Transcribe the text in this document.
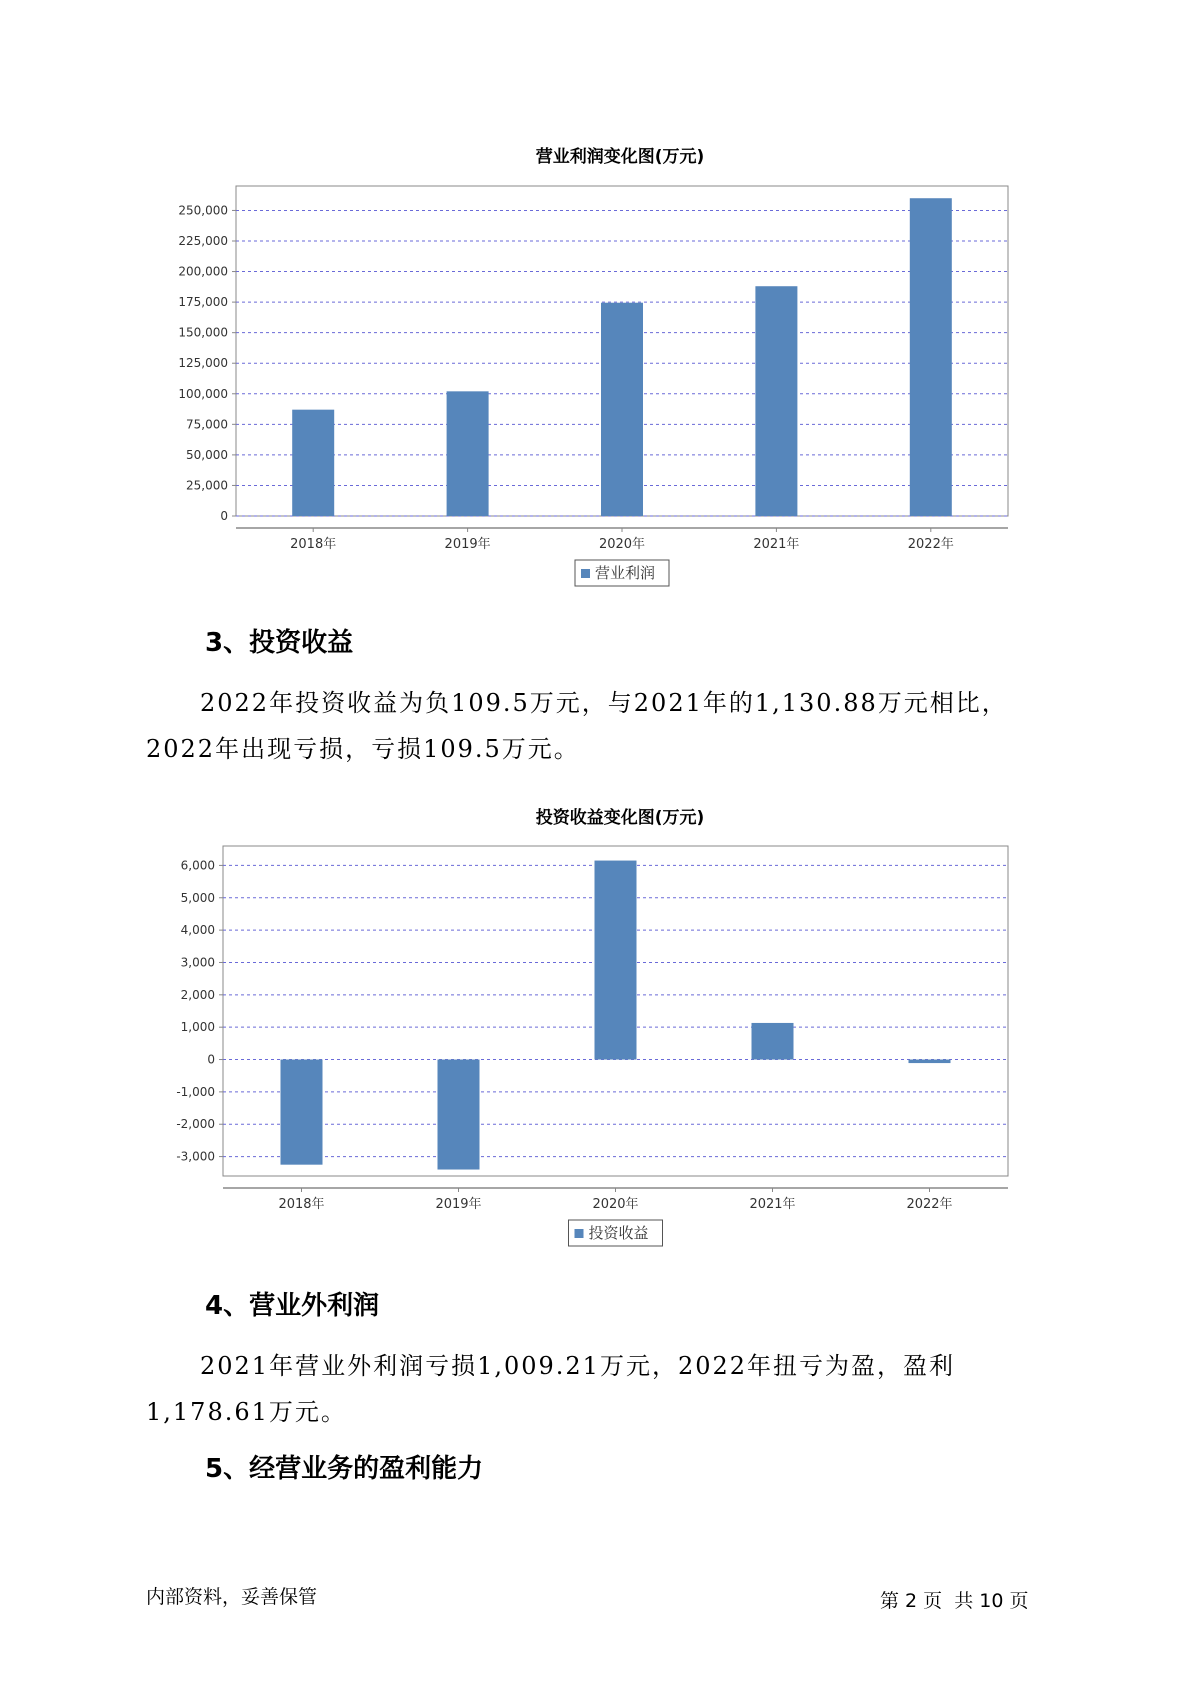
营业利润变化图(万元)
0
25,000
50,000
75,000
100,000
125,000
150,000
175,000
200,000
225,000
250,000
2018年	2019年	2020年	2021年	2022年
营业利润
3、投资收益

2022年投资收益为负109.5万元，与2021年的1,130.88万元相比，2022年出现亏损，亏损109.5万元。

投资收益变化图(万元)
-3,000
-2,000
-1,000
0
1,000
2,000
3,000
4,000
5,000
6,000
2018年	2019年	2020年	2021年	2022年
投资收益
4、营业外利润

2021年营业外利润亏损1,009.21万元，2022年扭亏为盈，盈利1,178.61万元。

5、经营业务的盈利能力
内部资料，妥善保管	第 2 页  共 10 页
